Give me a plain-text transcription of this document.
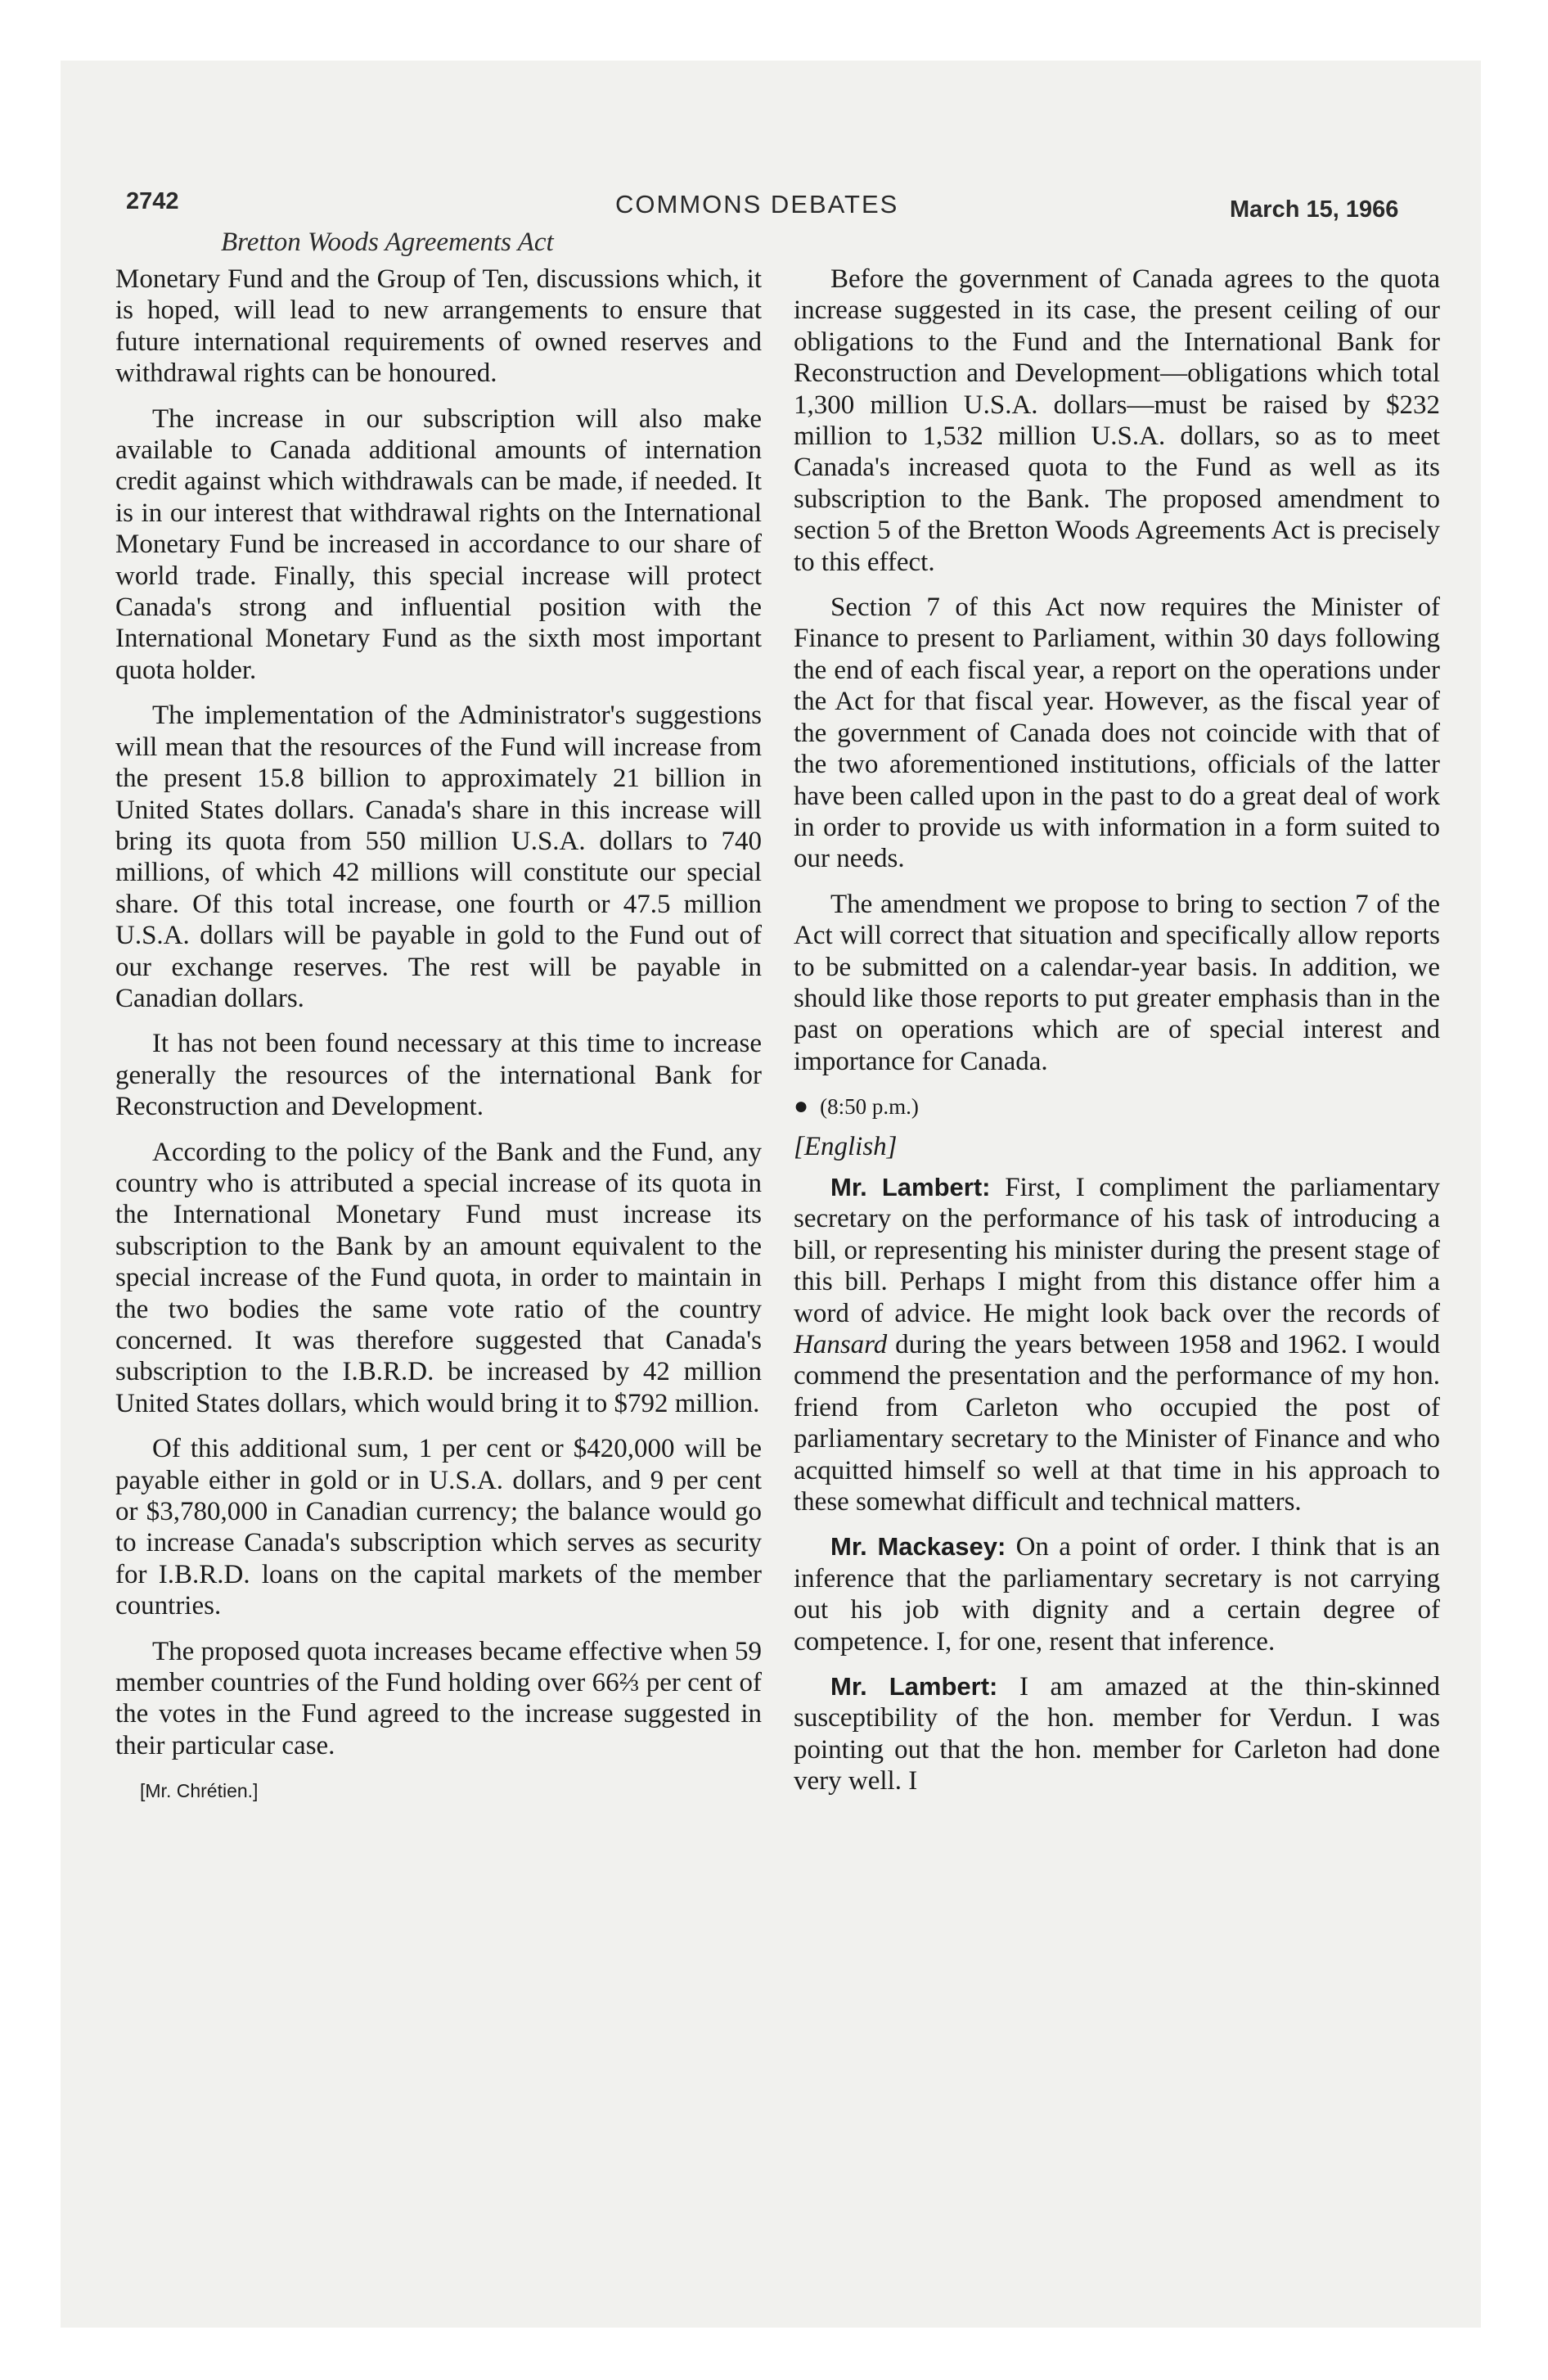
2742	COMMONS DEBATES	March 15, 1966
Bretton Woods Agreements Act

Monetary Fund and the Group of Ten, discussions which, it is hoped, will lead to new arrangements to ensure that future international requirements of owned reserves and withdrawal rights can be honoured.

The increase in our subscription will also make available to Canada additional amounts of internation credit against which withdrawals can be made, if needed. It is in our interest that withdrawal rights on the International Monetary Fund be increased in accordance to our share of world trade. Finally, this special increase will protect Canada's strong and influential position with the International Monetary Fund as the sixth most important quota holder.

The implementation of the Administrator's suggestions will mean that the resources of the Fund will increase from the present 15.8 billion to approximately 21 billion in United States dollars. Canada's share in this increase will bring its quota from 550 million U.S.A. dollars to 740 millions, of which 42 millions will constitute our special share. Of this total increase, one fourth or 47.5 million U.S.A. dollars will be payable in gold to the Fund out of our exchange reserves. The rest will be payable in Canadian dollars.

It has not been found necessary at this time to increase generally the resources of the international Bank for Reconstruction and Development.

According to the policy of the Bank and the Fund, any country who is attributed a special increase of its quota in the International Monetary Fund must increase its subscription to the Bank by an amount equivalent to the special increase of the Fund quota, in order to maintain in the two bodies the same vote ratio of the country concerned. It was therefore suggested that Canada's subscription to the I.B.R.D. be increased by 42 million United States dollars, which would bring it to $792 million.

Of this additional sum, 1 per cent or $420,000 will be payable either in gold or in U.S.A. dollars, and 9 per cent or $3,780,000 in Canadian currency; the balance would go to increase Canada's subscription which serves as security for I.B.R.D. loans on the capital markets of the member countries.

The proposed quota increases became effective when 59 member countries of the Fund holding over 66⅔ per cent of the votes in the Fund agreed to the increase suggested in their particular case.

[Mr. Chrétien.]

Before the government of Canada agrees to the quota increase suggested in its case, the present ceiling of our obligations to the Fund and the International Bank for Reconstruction and Development—obligations which total 1,300 million U.S.A. dollars—must be raised by $232 million to 1,532 million U.S.A. dollars, so as to meet Canada's increased quota to the Fund as well as its subscription to the Bank. The proposed amendment to section 5 of the Bretton Woods Agreements Act is precisely to this effect.

Section 7 of this Act now requires the Minister of Finance to present to Parliament, within 30 days following the end of each fiscal year, a report on the operations under the Act for that fiscal year. However, as the fiscal year of the government of Canada does not coincide with that of the two aforementioned institutions, officials of the latter have been called upon in the past to do a great deal of work in order to provide us with information in a form suited to our needs.

The amendment we propose to bring to section 7 of the Act will correct that situation and specifically allow reports to be submitted on a calendar-year basis. In addition, we should like those reports to put greater emphasis than in the past on operations which are of special interest and importance for Canada.

● (8:50 p.m.)
[English]

Mr. Lambert: First, I compliment the parliamentary secretary on the performance of his task of introducing a bill, or representing his minister during the present stage of this bill. Perhaps I might from this distance offer him a word of advice. He might look back over the records of Hansard during the years between 1958 and 1962. I would commend the presentation and the performance of my hon. friend from Carleton who occupied the post of parliamentary secretary to the Minister of Finance and who acquitted himself so well at that time in his approach to these somewhat difficult and technical matters.

Mr. Mackasey: On a point of order. I think that is an inference that the parliamentary secretary is not carrying out his job with dignity and a certain degree of competence. I, for one, resent that inference.

Mr. Lambert: I am amazed at the thin-skinned susceptibility of the hon. member for Verdun. I was pointing out that the hon. member for Carleton had done very well. I
